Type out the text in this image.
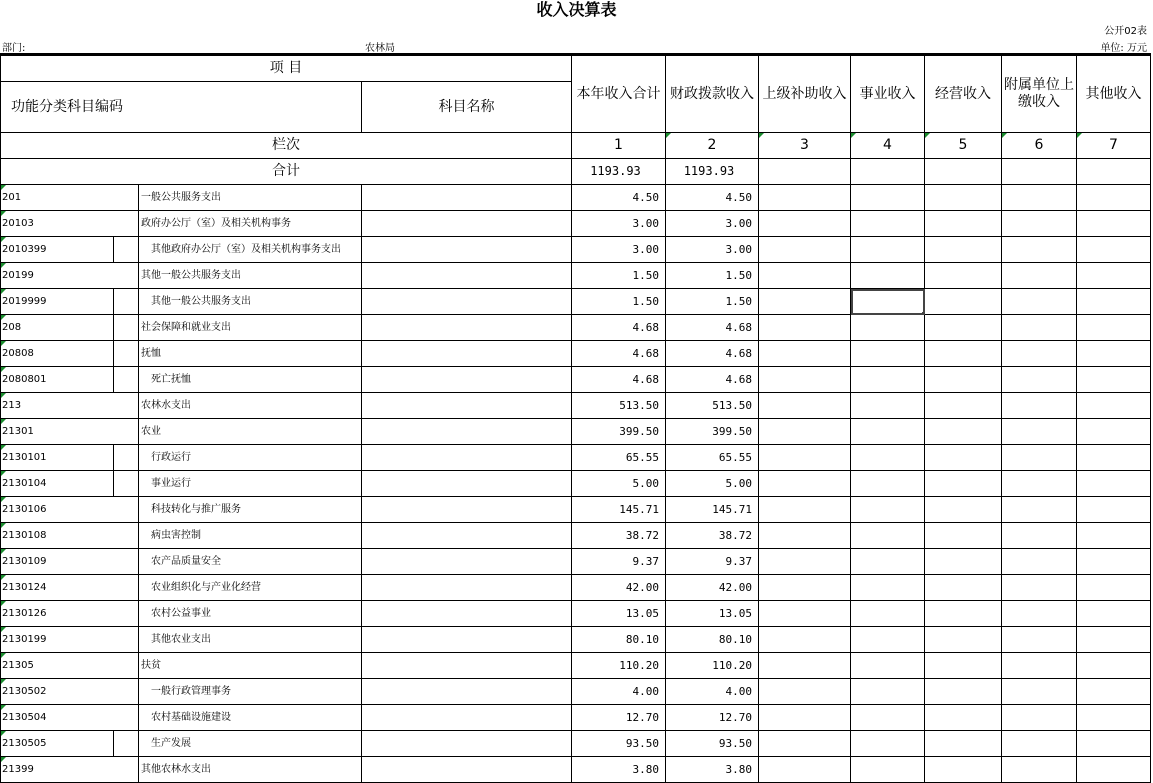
收入决算表
公开02表
部门:	农林局	单位: 万元
项 目				本年收入合计	财政拨款收入	上级补助收入	事业收入	经营收入	附属单位上缴收入	其他收入
功能分类科目编码			科目名称							

栏次				1	2	3	4	5	6	7
合计				1193.93	1193.93					
201		一般公共服务支出		4.50	4.50					
20103		政府办公厅（室）及相关机构事务		3.00	3.00					
2010399		其他政府办公厅（室）及相关机构事务支出		3.00	3.00					
20199		其他一般公共服务支出		1.50	1.50					
2019999		其他一般公共服务支出		1.50	1.50					
208		社会保障和就业支出		4.68	4.68					
20808		抚恤		4.68	4.68					
2080801		死亡抚恤		4.68	4.68					
213		农林水支出		513.50	513.50					
21301		农业		399.50	399.50					
2130101		行政运行		65.55	65.55					
2130104		事业运行		5.00	5.00					
2130106		科技转化与推广服务		145.71	145.71					
2130108		病虫害控制		38.72	38.72					
2130109		农产品质量安全		9.37	9.37					
2130124		农业组织化与产业化经营		42.00	42.00					
2130126		农村公益事业		13.05	13.05					
2130199		其他农业支出		80.10	80.10					
21305		扶贫		110.20	110.20					
2130502		一般行政管理事务		4.00	4.00					
2130504		农村基础设施建设		12.70	12.70					
2130505		生产发展		93.50	93.50					
21399		其他农林水支出		3.80	3.80					
